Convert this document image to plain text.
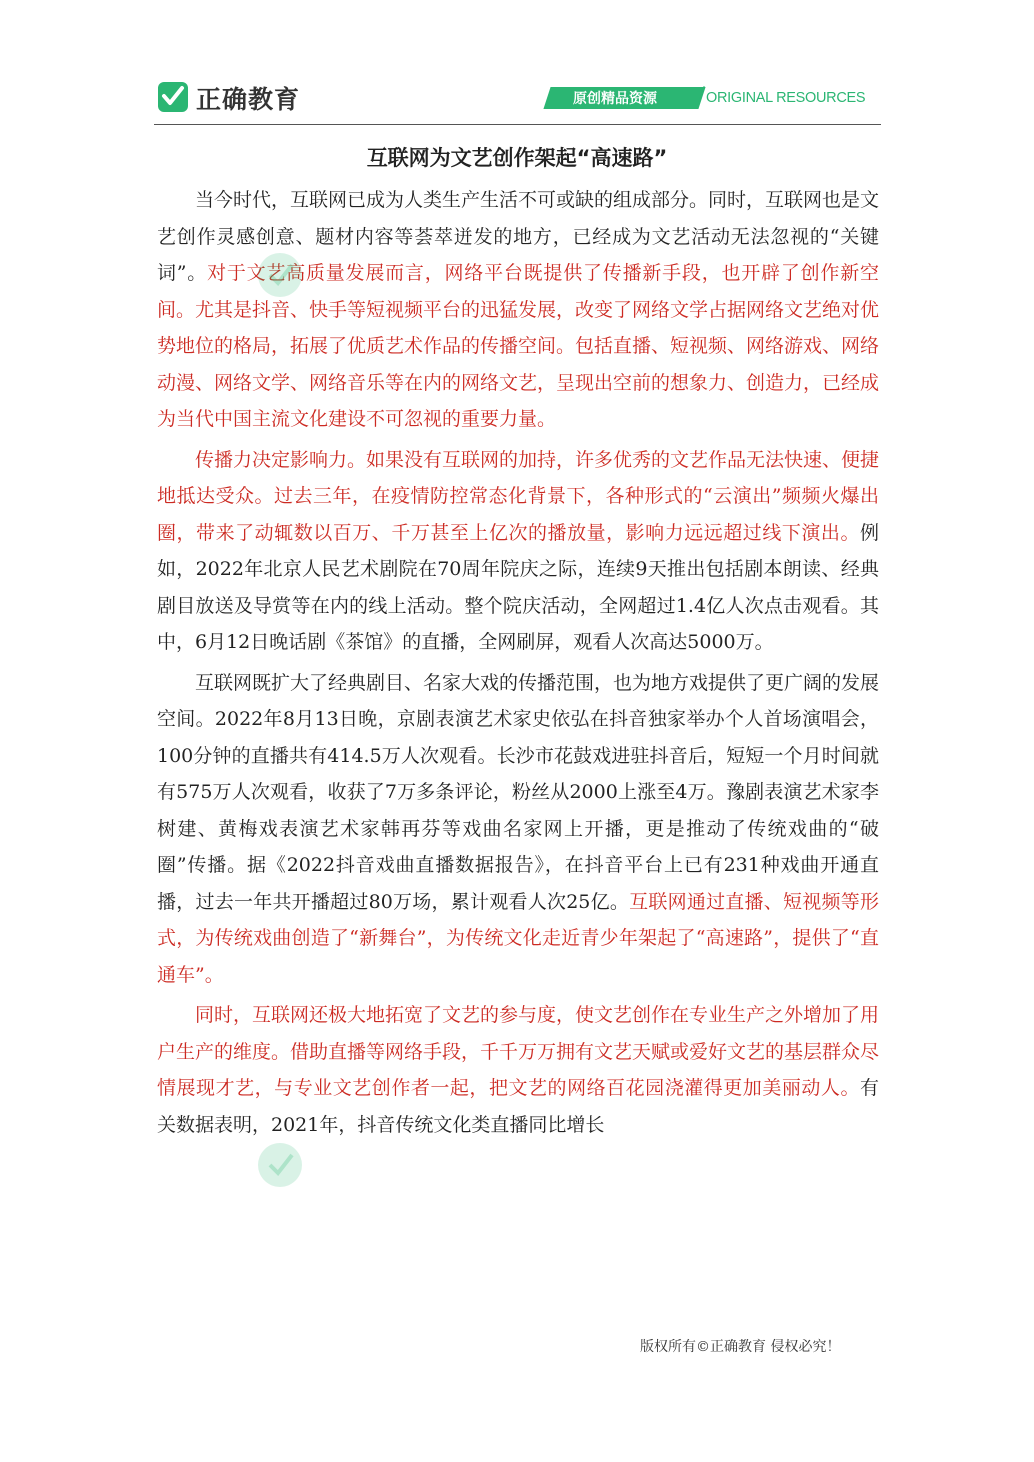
正确教育	原创精品资源 / ORIGINAL RESOURCES
互联网为文艺创作架起“高速路”

当今时代，互联网已成为人类生产生活不可或缺的组成部分。同时，互联网也是文艺创作灵感创意、题材内容等荟萃迸发的地方，已经成为文艺活动无法忽视的“关键词”。对于文艺高质量发展而言，网络平台既提供了传播新手段，也开辟了创作新空间。尤其是抖音、快手等短视频平台的迅猛发展，改变了网络文学占据网络文艺绝对优势地位的格局，拓展了优质艺术作品的传播空间。包括直播、短视频、网络游戏、网络动漫、网络文学、网络音乐等在内的网络文艺，呈现出空前的想象力、创造力，已经成为当代中国主流文化建设不可忽视的重要力量。

传播力决定影响力。如果没有互联网的加持，许多优秀的文艺作品无法快速、便捷地抵达受众。过去三年，在疫情防控常态化背景下，各种形式的“云演出”频频火爆出圈，带来了动辄数以百万、千万甚至上亿次的播放量，影响力远远超过线下演出。例如，2022年北京人民艺术剧院在70周年院庆之际，连续9天推出包括剧本朗读、经典剧目放送及导赏等在内的线上活动。整个院庆活动，全网超过1.4亿人次点击观看。其中，6月12日晚话剧《茶馆》的直播，全网刷屏，观看人次高达5000万。

互联网既扩大了经典剧目、名家大戏的传播范围，也为地方戏提供了更广阔的发展空间。2022年8月13日晚，京剧表演艺术家史依弘在抖音独家举办个人首场演唱会，100分钟的直播共有414.5万人次观看。长沙市花鼓戏进驻抖音后，短短一个月时间就有575万人次观看，收获了7万多条评论，粉丝从2000上涨至4万。豫剧表演艺术家李树建、黄梅戏表演艺术家韩再芬等戏曲名家网上开播，更是推动了传统戏曲的“破圈”传播。据《2022抖音戏曲直播数据报告》，在抖音平台上已有231种戏曲开通直播，过去一年共开播超过80万场，累计观看人次25亿。互联网通过直播、短视频等形式，为传统戏曲创造了“新舞台”，为传统文化走近青少年架起了“高速路”，提供了“直通车”。

同时，互联网还极大地拓宽了文艺的参与度，使文艺创作在专业生产之外增加了用户生产的维度。借助直播等网络手段，千千万万拥有文艺天赋或爱好文艺的基层群众尽情展现才艺，与专业文艺创作者一起，把文艺的网络百花园浇灌得更加美丽动人。有关数据表明，2021年，抖音传统文化类直播同比增长

版权所有©正确教育 侵权必究！
